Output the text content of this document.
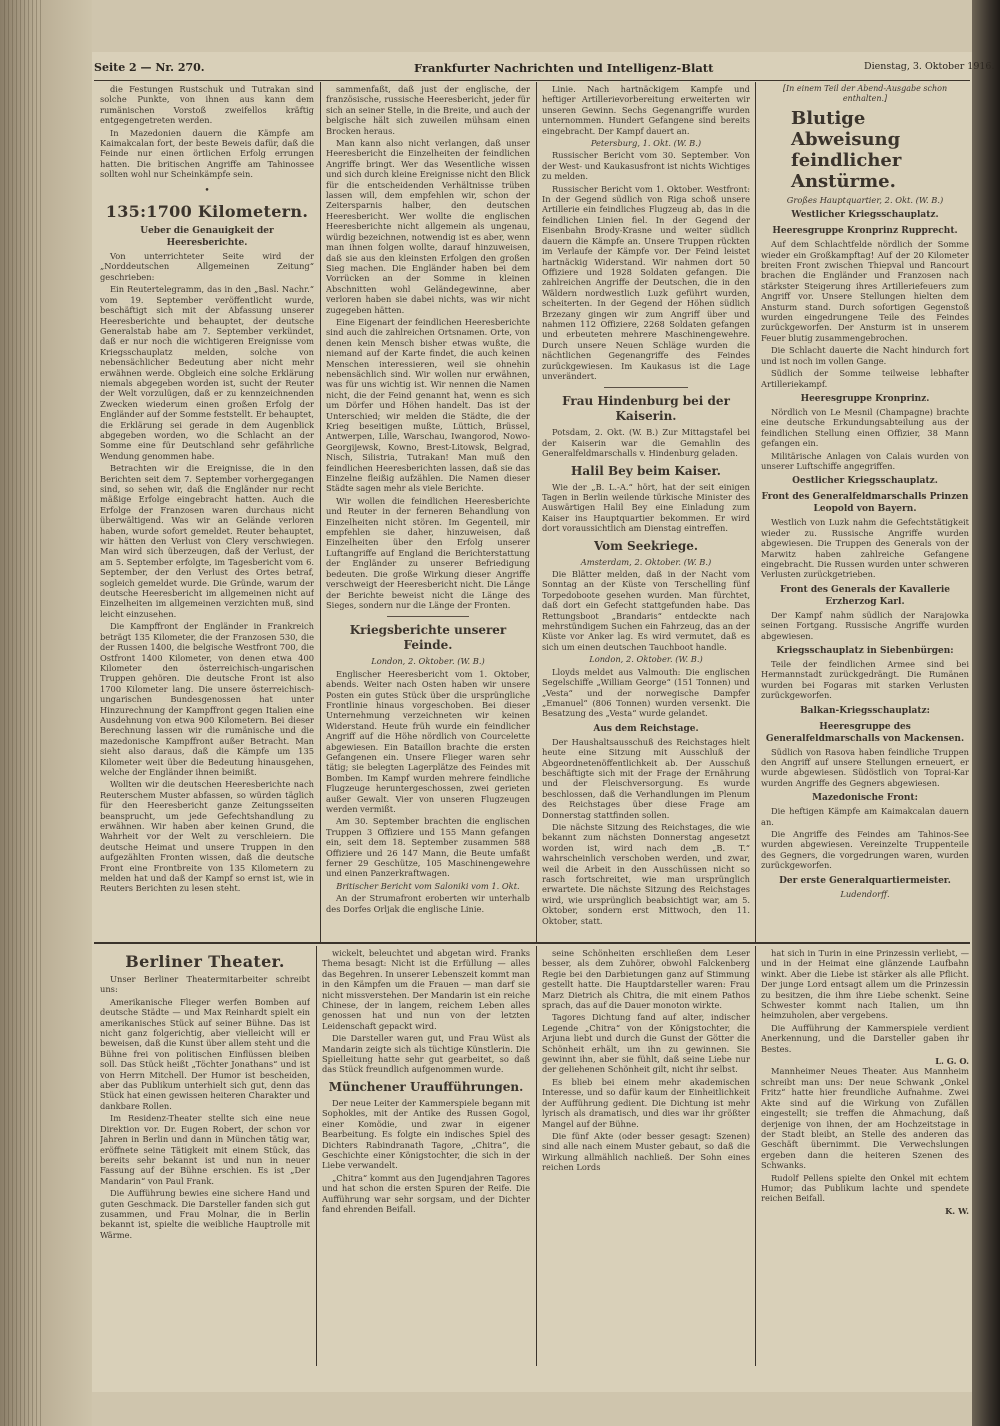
Seite 2 — Nr. 270.	Frankfurter Nachrichten und Intelligenz-Blatt	Dienstag, 3. Oktober 1916.

die Festungen Rustschuk und Tutrakan sind solche Punkte, von ihnen aus kann dem rumänischen Vorstoß zweifellos kräftig entgegengetreten werden.

In Mazedonien dauern die Kämpfe am Kaimakcalan fort, der beste Beweis dafür, daß die Feinde nur einen örtlichen Erfolg errungen hatten. Die britischen Angriffe am Tahinossee sollten wohl nur Scheinkämpfe sein.

•
135:1700 Kilometern.
Ueber die Genauigkeit der Heeresberichte.

Von unterrichteter Seite wird der „Norddeutschen Allgemeinen Zeitung“ geschrieben:

Ein Reutertelegramm, das in den „Basl. Nachr.“ vom 19. September veröffentlicht wurde, beschäftigt sich mit der Abfassung unserer Heeresberichte und behauptet, der deutsche Generalstab habe am 7. September verkündet, daß er nur noch die wichtigeren Ereignisse vom Kriegsschauplatz melden, solche von nebensächlicher Bedeutung aber nicht mehr erwähnen werde. Obgleich eine solche Erklärung niemals abgegeben worden ist, sucht der Reuter der Welt vorzulügen, daß er zu kennzeichnenden Zwecken wiederum einen großen Erfolg der Engländer auf der Somme feststellt. Er behauptet, die Erklärung sei gerade in dem Augenblick abgegeben worden, wo die Schlacht an der Somme eine für Deutschland sehr gefährliche Wendung genommen habe.

Betrachten wir die Ereignisse, die in den Berichten seit dem 7. September vorhergegangen sind, so sehen wir, daß die Engländer nur recht mäßige Erfolge eingebracht hatten. Auch die Erfolge der Franzosen waren durchaus nicht überwältigend. Was wir an Gelände verloren haben, wurde sofort gemeldet. Reuter behauptet, wir hätten den Verlust von Clery verschwiegen. Man wird sich überzeugen, daß der Verlust, der am 5. September erfolgte, im Tagesbericht vom 6. September, der den Verlust des Ortes betraf, sogleich gemeldet wurde. Die Gründe, warum der deutsche Heeresbericht im allgemeinen nicht auf Einzelheiten im allgemeinen verzichten muß, sind leicht einzusehen.

Die Kampffront der Engländer in Frankreich beträgt 135 Kilometer, die der Franzosen 530, die der Russen 1400, die belgische Westfront 700, die Ostfront 1400 Kilometer, von denen etwa 400 Kilometer den österreichisch-ungarischen Truppen gehören. Die deutsche Front ist also 1700 Kilometer lang. Die unsere österreichisch-ungarischen Bundesgenossen hat unter Hinzurechnung der Kampffront gegen Italien eine Ausdehnung von etwa 900 Kilometern. Bei dieser Berechnung lassen wir die rumänische und die mazedonische Kampffront außer Betracht. Man sieht also daraus, daß die Kämpfe um 135 Kilometer weit über die Bedeutung hinausgehen, welche der Engländer ihnen beimißt.

Wollten wir die deutschen Heeresberichte nach Reuterschem Muster abfassen, so würden täglich für den Heeresbericht ganze Zeitungsseiten beansprucht, um jede Gefechtshandlung zu erwähnen. Wir haben aber keinen Grund, die Wahrheit vor der Welt zu verschleiern. Die deutsche Heimat und unsere Truppen in den aufgezählten Fronten wissen, daß die deutsche Front eine Frontbreite von 135 Kilometern zu melden hat und daß der Kampf so ernst ist, wie in Reuters Berichten zu lesen steht.

sammenfaßt, daß just der englische, der französische, russische Heeresbericht, jeder für sich an seiner Stelle, in die Breite, und auch der belgische hält sich zuweilen mühsam einen Brocken heraus.

Man kann also nicht verlangen, daß unser Heeresbericht die Einzelheiten der feindlichen Angriffe bringt. Wer das Wesentliche wissen und sich durch kleine Ereignisse nicht den Blick für die entscheidenden Verhältnisse trüben lassen will, dem empfehlen wir, schon der Zeitersparnis halber, den deutschen Heeresbericht. Wer wollte die englischen Heeresberichte nicht allgemein als ungenau, würdig bezeichnen, notwendig ist es aber, wenn man ihnen folgen wollte, darauf hinzuweisen, daß sie aus den kleinsten Erfolgen den großen Sieg machen. Die Engländer haben bei dem Vorrücken an der Somme in kleinen Abschnitten wohl Geländegewinne, aber verloren haben sie dabei nichts, was wir nicht zugegeben hätten.

Eine Eigenart der feindlichen Heeresberichte sind auch die zahlreichen Ortsnamen. Orte, von denen kein Mensch bisher etwas wußte, die niemand auf der Karte findet, die auch keinen Menschen interessieren, weil sie ohnehin nebensächlich sind. Wir wollen nur erwähnen, was für uns wichtig ist. Wir nennen die Namen nicht, die der Feind genannt hat, wenn es sich um Dörfer und Höhen handelt. Das ist der Unterschied; wir melden die Städte, die der Krieg beseitigen mußte, Lüttich, Brüssel, Antwerpen, Lille, Warschau, Iwangorod, Nowo-Georgijewsk, Kowno, Brest-Litowsk, Belgrad, Nisch, Silistria, Tutrakan! Man muß den feindlichen Heeresberichten lassen, daß sie das Einzelne fleißig aufzählen. Die Namen dieser Städte sagen mehr als viele Berichte.

Wir wollen die feindlichen Heeresberichte und Reuter in der ferneren Behandlung von Einzelheiten nicht stören. Im Gegenteil, mir empfehlen sie daher, hinzuweisen, daß Einzelheiten über den Erfolg unserer Luftangriffe auf England die Berichterstattung der Engländer zu unserer Befriedigung bedeuten. Die große Wirkung dieser Angriffe verschweigt der Heeresbericht nicht. Die Länge der Berichte beweist nicht die Länge des Sieges, sondern nur die Länge der Fronten.

Kriegsberichte unserer Feinde.
London, 2. Oktober. (W. B.)

Englischer Heeresbericht vom 1. Oktober, abends. Weiter nach Osten haben wir unsere Posten ein gutes Stück über die ursprüngliche Frontlinie hinaus vorgeschoben. Bei dieser Unternehmung verzeichneten wir keinen Widerstand. Heute früh wurde ein feindlicher Angriff auf die Höhe nördlich von Courcelette abgewiesen. Ein Bataillon brachte die ersten Gefangenen ein. Unsere Flieger waren sehr tätig; sie belegten Lagerplätze des Feindes mit Bomben. Im Kampf wurden mehrere feindliche Flugzeuge heruntergeschossen, zwei gerieten außer Gewalt. Vier von unseren Flugzeugen werden vermißt.

Am 30. September brachten die englischen Truppen 3 Offiziere und 155 Mann gefangen ein, seit dem 18. September zusammen 588 Offiziere und 26 147 Mann, die Beute umfaßt ferner 29 Geschütze, 105 Maschinengewehre und einen Panzerkraftwagen.

Britischer Bericht vom Saloniki vom 1. Okt.

An der Strumafront eroberten wir unterhalb des Dorfes Orljak die englische Linie.

Linie. Nach hartnäckigem Kampfe und heftiger Artillerievorbereitung erweiterten wir unseren Gewinn. Sechs Gegenangriffe wurden unternommen. Hundert Gefangene sind bereits eingebracht. Der Kampf dauert an.

Petersburg, 1. Okt. (W. B.)

Russischer Bericht vom 30. September. Von der West- und Kaukasusfront ist nichts Wichtiges zu melden.

Russischer Bericht vom 1. Oktober. Westfront: In der Gegend südlich von Riga schoß unsere Artillerie ein feindliches Flugzeug ab, das in die feindlichen Linien fiel. In der Gegend der Eisenbahn Brody-Krasne und weiter südlich dauern die Kämpfe an. Unsere Truppen rückten im Verlaufe der Kämpfe vor. Der Feind leistet hartnäckig Widerstand. Wir nahmen dort 50 Offiziere und 1928 Soldaten gefangen. Die zahlreichen Angriffe der Deutschen, die in den Wäldern nordwestlich Luzk geführt wurden, scheiterten. In der Gegend der Höhen südlich Brzezany gingen wir zum Angriff über und nahmen 112 Offiziere, 2268 Soldaten gefangen und erbeuteten mehrere Maschinengewehre. Durch unsere Neuen Schläge wurden die nächtlichen Gegenangriffe des Feindes zurückgewiesen. Im Kaukasus ist die Lage unverändert.

Frau Hindenburg bei der Kaiserin.

Potsdam, 2. Okt. (W. B.) Zur Mittagstafel bei der Kaiserin war die Gemahlin des Generalfeldmarschalls v. Hindenburg geladen.

Halil Bey beim Kaiser.

Wie der „B. L.-A.“ hört, hat der seit einigen Tagen in Berlin weilende türkische Minister des Auswärtigen Halil Bey eine Einladung zum Kaiser ins Hauptquartier bekommen. Er wird dort voraussichtlich am Dienstag eintreffen.

Vom Seekriege.
Amsterdam, 2. Oktober. (W. B.)

Die Blätter melden, daß in der Nacht vom Sonntag an der Küste von Terschelling fünf Torpedoboote gesehen wurden. Man fürchtet, daß dort ein Gefecht stattgefunden habe. Das Rettungsboot „Brandaris“ entdeckte nach mehrstündigem Suchen ein Fahrzeug, das an der Küste vor Anker lag. Es wird vermutet, daß es sich um einen deutschen Tauchboot handle.

London, 2. Oktober. (W. B.)

Lloyds meldet aus Valmouth: Die englischen Segelschiffe „William George“ (151 Tonnen) und „Vesta“ und der norwegische Dampfer „Emanuel“ (806 Tonnen) wurden versenkt. Die Besatzung des „Vesta“ wurde gelandet.

Aus dem Reichstage.

Der Haushaltsausschuß des Reichstages hielt heute eine Sitzung mit Ausschluß der Abgeordnetenöffentlichkeit ab. Der Ausschuß beschäftigte sich mit der Frage der Ernährung und der Fleischversorgung. Es wurde beschlossen, daß die Verhandlungen im Plenum des Reichstages über diese Frage am Donnerstag stattfinden sollen.

Die nächste Sitzung des Reichstages, die wie bekannt zum nächsten Donnerstag angesetzt worden ist, wird nach dem „B. T.“ wahrscheinlich verschoben werden, und zwar, weil die Arbeit in den Ausschüssen nicht so rasch fortschreitet, wie man ursprünglich erwartete. Die nächste Sitzung des Reichstages wird, wie ursprünglich beabsichtigt war, am 5. Oktober, sondern erst Mittwoch, den 11. Oktober, statt.

[In einem Teil der Abend-Ausgabe schon enthalten.]
Blutige Abweisung feindlicher Anstürme.
Großes Hauptquartier, 2. Okt. (W. B.)
Westlicher Kriegsschauplatz.
Heeresgruppe Kronprinz Rupprecht.

Auf dem Schlachtfelde nördlich der Somme wieder ein Großkampftag! Auf der 20 Kilometer breiten Front zwischen Thiepval und Rancourt brachen die Engländer und Franzosen nach stärkster Steigerung ihres Artilleriefeuers zum Angriff vor. Unsere Stellungen hielten dem Ansturm stand. Durch sofortigen Gegenstoß wurden eingedrungene Teile des Feindes zurückgeworfen. Der Ansturm ist in unserem Feuer blutig zusammengebrochen.

Die Schlacht dauerte die Nacht hindurch fort und ist noch im vollen Gange.

Südlich der Somme teilweise lebhafter Artilleriekampf.

Heeresgruppe Kronprinz.

Nördlich von Le Mesnil (Champagne) brachte eine deutsche Erkundungsabteilung aus der feindlichen Stellung einen Offizier, 38 Mann gefangen ein.

Militärische Anlagen von Calais wurden von unserer Luftschiffe angegriffen.

Oestlicher Kriegsschauplatz.
Front des Generalfeldmarschalls Prinzen Leopold von Bayern.

Westlich von Luzk nahm die Gefechtstätigkeit wieder zu. Russische Angriffe wurden abgewiesen. Die Truppen des Generals von der Marwitz haben zahlreiche Gefangene eingebracht. Die Russen wurden unter schweren Verlusten zurückgetrieben.

Front des Generals der Kavallerie Erzherzog Karl.

Der Kampf nahm südlich der Narajowka seinen Fortgang. Russische Angriffe wurden abgewiesen.

Kriegsschauplatz in Siebenbürgen:

Teile der feindlichen Armee sind bei Hermannstadt zurückgedrängt. Die Rumänen wurden bei Fogaras mit starken Verlusten zurückgeworfen.

Balkan-Kriegsschauplatz:
Heeresgruppe des Generalfeldmarschalls von Mackensen.

Südlich von Rasova haben feindliche Truppen den Angriff auf unsere Stellungen erneuert, er wurde abgewiesen. Südöstlich von Toprai-Kar wurden Angriffe des Gegners abgewiesen.

Mazedonische Front:

Die heftigen Kämpfe am Kaimakcalan dauern an.

Die Angriffe des Feindes am Tahinos-See wurden abgewiesen. Vereinzelte Truppenteile des Gegners, die vorgedrungen waren, wurden zurückgeworfen.

Der erste Generalquartiermeister.
Ludendorff.
Berliner Theater.

Unser Berliner Theatermitarbeiter schreibt uns:

Amerikanische Flieger werfen Bomben auf deutsche Städte — und Max Reinhardt spielt ein amerikanisches Stück auf seiner Bühne. Das ist nicht ganz folgerichtig, aber vielleicht will er beweisen, daß die Kunst über allem steht und die Bühne frei von politischen Einflüssen bleiben soll. Das Stück heißt „Töchter Jonathans“ und ist von Herrn Mitchell. Der Humor ist bescheiden, aber das Publikum unterhielt sich gut, denn das Stück hat einen gewissen heiteren Charakter und dankbare Rollen.

Im Residenz-Theater stellte sich eine neue Direktion vor. Dr. Eugen Robert, der schon vor Jahren in Berlin und dann in München tätig war, eröffnete seine Tätigkeit mit einem Stück, das bereits sehr bekannt ist und nun in neuer Fassung auf der Bühne erschien. Es ist „Der Mandarin“ von Paul Frank.

Die Aufführung bewies eine sichere Hand und guten Geschmack. Die Darsteller fanden sich gut zusammen, und Frau Molnar, die in Berlin bekannt ist, spielte die weibliche Hauptrolle mit Wärme.

wickelt, beleuchtet und abgetan wird. Franks Thema besagt: Nicht ist die Erfüllung — alles das Begehren. In unserer Lebenszeit kommt man in den Kämpfen um die Frauen — man darf sie nicht missverstehen. Der Mandarin ist ein reiche Chinese, der in langem, reichem Leben alles genossen hat und nun von der letzten Leidenschaft gepackt wird.

Die Darsteller waren gut, und Frau Wüst als Mandarin zeigte sich als tüchtige Künstlerin. Die Spielleitung hatte sehr gut gearbeitet, so daß das Stück freundlich aufgenommen wurde.

Münchener Uraufführungen.

Der neue Leiter der Kammerspiele begann mit Sophokles, mit der Antike des Russen Gogol, einer Komödie, und zwar in eigener Bearbeitung. Es folgte ein indisches Spiel des Dichters Rabindranath Tagore, „Chitra“, die Geschichte einer Königstochter, die sich in der Liebe verwandelt.

„Chitra“ kommt aus den Jugendjahren Tagores und hat schon die ersten Spuren der Reife. Die Aufführung war sehr sorgsam, und der Dichter fand ehrenden Beifall.

seine Schönheiten erschließen dem Leser besser, als dem Zuhörer, obwohl Falckenberg Regie bei den Darbietungen ganz auf Stimmung gestellt hatte. Die Hauptdarsteller waren: Frau Marz Dietrich als Chitra, die mit einem Pathos sprach, das auf die Dauer monoton wirkte.

Tagores Dichtung fand auf alter, indischer Legende „Chitra“ von der Königstochter, die Arjuna liebt und durch die Gunst der Götter die Schönheit erhält, um ihn zu gewinnen. Sie gewinnt ihn, aber sie fühlt, daß seine Liebe nur der geliehenen Schönheit gilt, nicht ihr selbst.

Es blieb bei einem mehr akademischen Interesse, und so dafür kaum der Einheitlichkeit der Aufführung gedient. Die Dichtung ist mehr lyrisch als dramatisch, und dies war ihr größter Mangel auf der Bühne.

Die fünf Akte (oder besser gesagt: Szenen) sind alle nach einem Muster gebaut, so daß die Wirkung allmählich nachließ. Der Sohn eines reichen Lords

hat sich in Turin in eine Prinzessin verliebt, — und in der Heimat eine glänzende Laufbahn winkt. Aber die Liebe ist stärker als alle Pflicht. Der junge Lord entsagt allem um die Prinzessin zu besitzen, die ihm ihre Liebe schenkt. Seine Schwester kommt nach Italien, um ihn heimzuholen, aber vergebens.

Die Aufführung der Kammerspiele verdient Anerkennung, und die Darsteller gaben ihr Bestes.

L. G. O.

Mannheimer Neues Theater. Aus Mannheim schreibt man uns: Der neue Schwank „Onkel Fritz“ hatte hier freundliche Aufnahme. Zwei Akte sind auf die Wirkung von Zufällen eingestellt; sie treffen die Ahmachung, daß derjenige von ihnen, der am Hochzeitstage in der Stadt bleibt, an Stelle des anderen das Geschäft übernimmt. Die Verwechslungen ergeben dann die heiteren Szenen des Schwanks.

Rudolf Pellens spielte den Onkel mit echtem Humor; das Publikum lachte und spendete reichen Beifall.

K. W.
